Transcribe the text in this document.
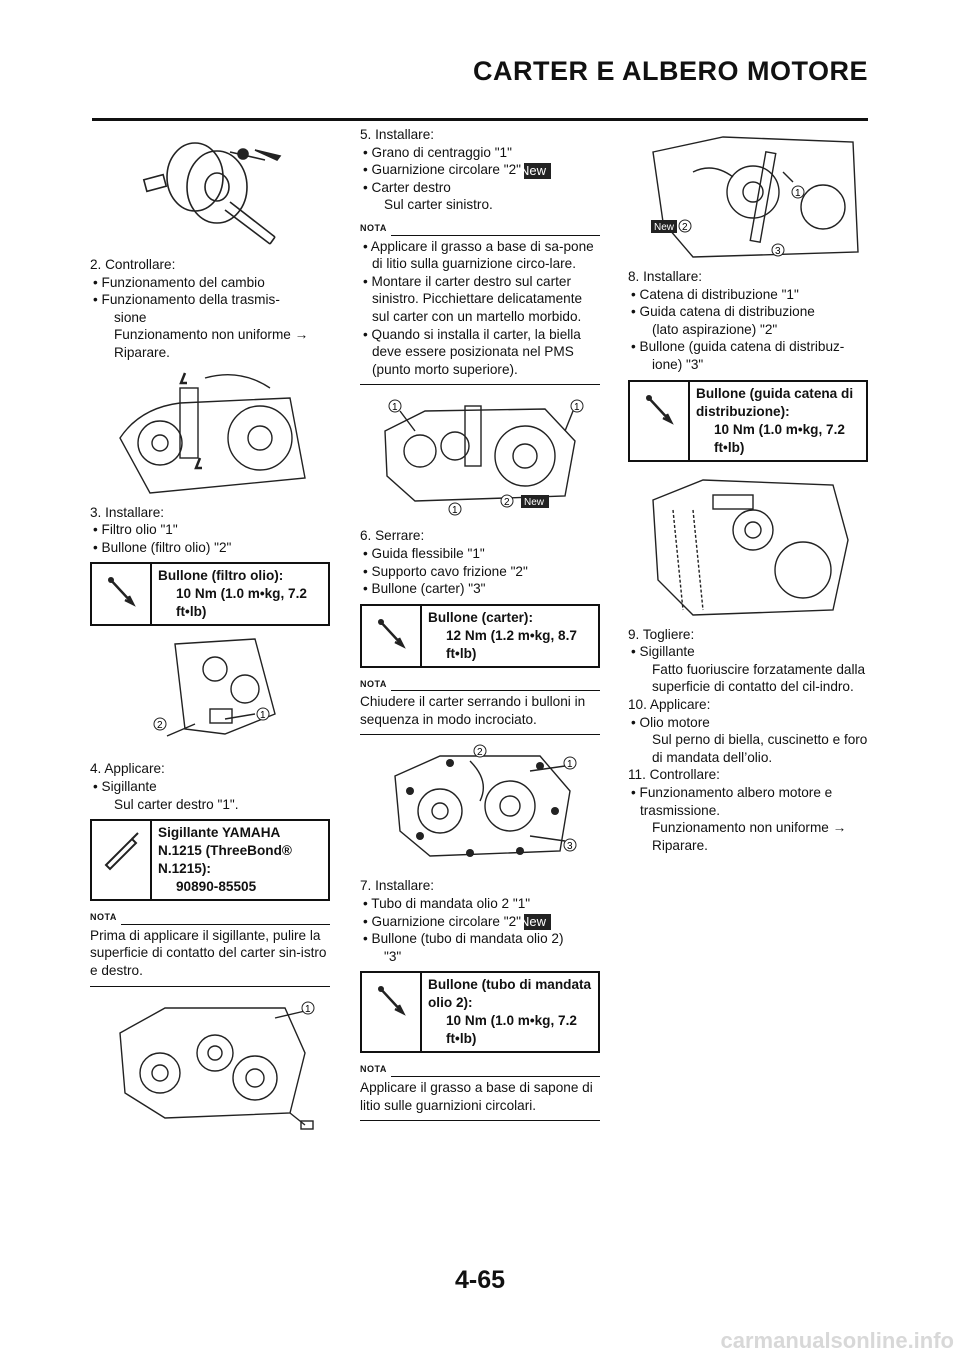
CARTER E ALBERO MOTORE
2. Controllare:
• Funzionamento del cambio
• Funzionamento della trasmis-
sione
Funzionamento non uniforme →
Riparare.
3. Installare:
• Filtro olio "1"
• Bullone (filtro olio) "2"
Bullone (filtro olio):
10 Nm (1.0 m•kg, 7.2
ft•lb)
2
1
4. Applicare:
• Sigillante
Sul carter destro "1".
Sigillante YAMAHA
N.1215 (ThreeBond®
N.1215):
90890-85505
NOTA
Prima di applicare il sigillante, pulire la superficie di contatto del carter sin-istro e destro.
1
5. Installare:
• Grano di centraggio "1"
• Guarnizione circolare "2"New
• Carter destro
Sul carter sinistro.
NOTA
• Applicare il grasso a base di sa-pone di litio sulla guarnizione circo-lare.
• Montare il carter destro sul carter sinistro. Picchiettare delicatamente sul carter con un martello morbido.
• Quando si installa il carter, la biella deve essere posizionata nel PMS (punto morto superiore).
1	1
1
2 New
6. Serrare:
• Guida flessibile "1"
• Supporto cavo frizione "2"
• Bullone (carter) "3"
Bullone (carter):
12 Nm (1.2 m•kg, 8.7
ft•lb)
NOTA
Chiudere il carter serrando i bulloni in sequenza in modo incrociato.
2
1
3
7. Installare:
• Tubo di mandata olio 2 "1"
• Guarnizione circolare "2"New
• Bullone (tubo di mandata olio 2)
"3"
Bullone (tubo di mandata
olio 2):
10 Nm (1.0 m•kg, 7.2
ft•lb)
NOTA
Applicare il grasso a base di sapone di litio sulle guarnizioni circolari.
1
New 2
3
8. Installare:
• Catena di distribuzione "1"
• Guida catena di distribuzione
(lato aspirazione) "2"
• Bullone (guida catena di distribuz-
ione) "3"
Bullone (guida catena di
distribuzione):
10 Nm (1.0 m•kg, 7.2
ft•lb)
9. Togliere:
• Sigillante
Fatto fuoriuscire forzatamente dalla superficie di contatto del cil-indro.
10. Applicare:
• Olio motore
Sul perno di biella, cuscinetto e foro di mandata dell’olio.
11. Controllare:
• Funzionamento albero motore e trasmissione.
Funzionamento non uniforme →
Riparare.
4-65
carmanualsonline.info
